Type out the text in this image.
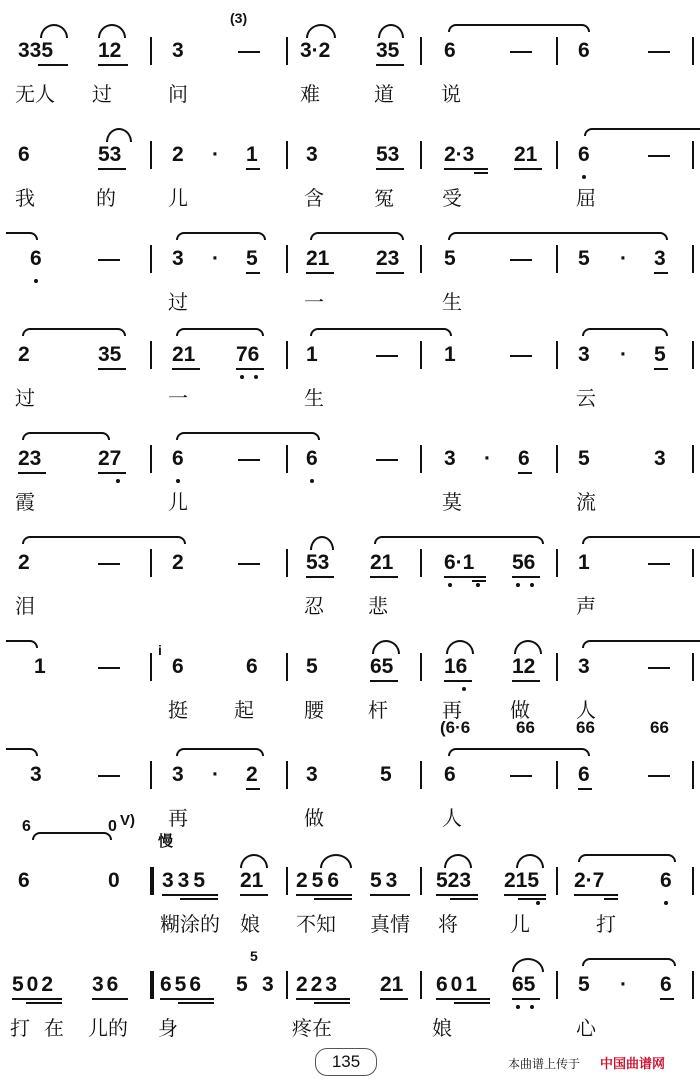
335 12 3
(3)
3·2 35 6	6
无人 过	问	难	道 说
6	53 2 · 1 3	53 2·3 21 6
我	的	儿	含	冤 受	屈
6	3 · 5 21 23 5	5 · 3
过	一	生
2	35 21 76 1	1	3 · 5
过	一	生	云
23	27 6	6	3 · 6 5	3
霞	儿	莫	流
2	2	53 21 6·1 56 1
泪	忍 悲	声
1
i
6	6 5 65 16 12 3
挺 起	腰 杆	再 做 人
(6·6	66 66	66
3	3 · 2 3	5 6	6
再	做	人
6	0 V)
慢
6	0 335 21 256 53 523 215 2·7	6
糊涂的 娘 不知 真情 将	儿	打
502 36 656 5
5
3 223 21 601 65 5 · 6
打 在 儿的 身	疼在	娘	心
135	本曲谱上传于 中国曲谱网
